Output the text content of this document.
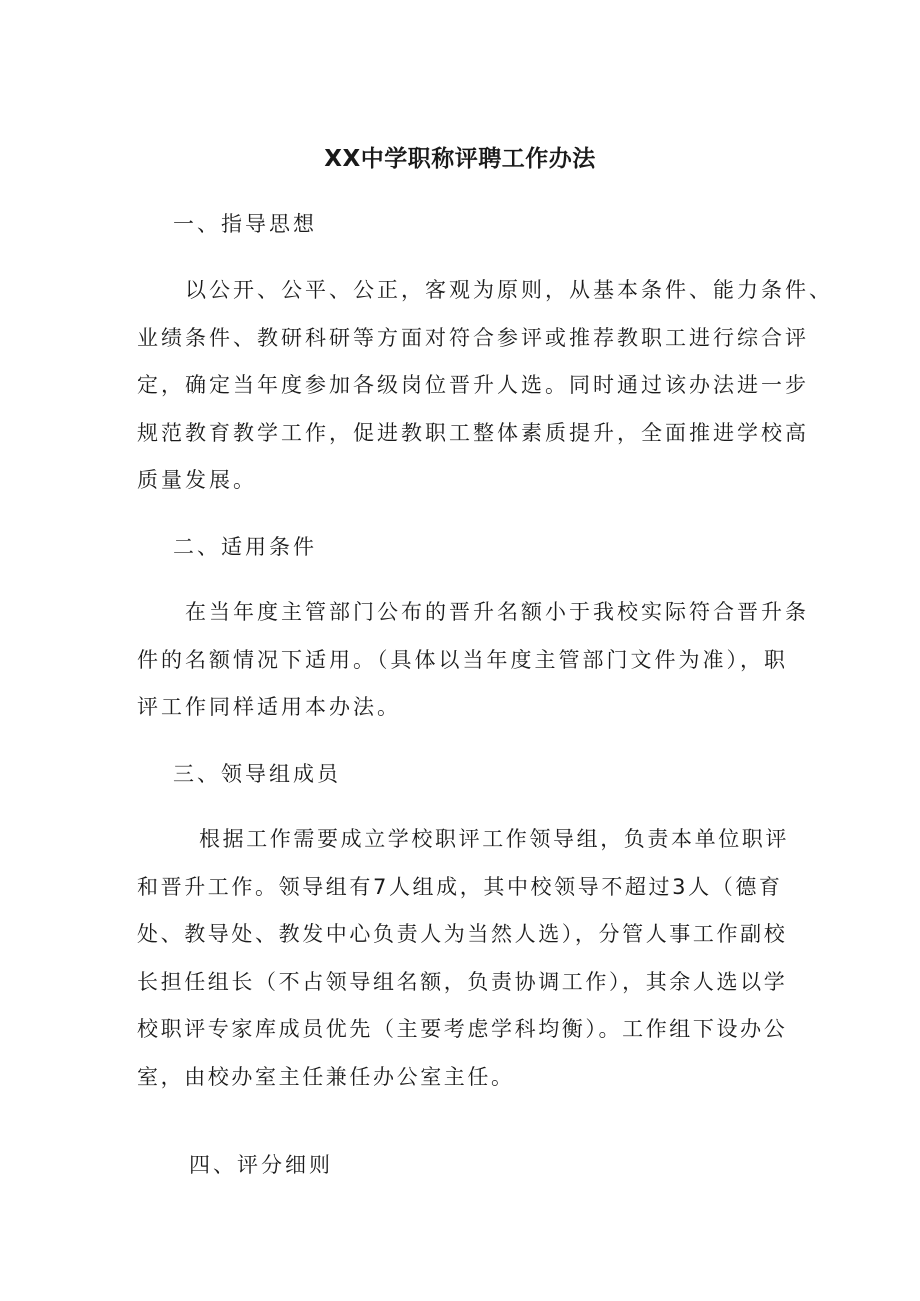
XX中学职称评聘工作办法
一、指导思想
以公开、公平、公正，客观为原则，从基本条件、能力条件、
业绩条件、教研科研等方面对符合参评或推荐教职工进行综合评
定，确定当年度参加各级岗位晋升人选。同时通过该办法进一步
规范教育教学工作，促进教职工整体素质提升，全面推进学校高
质量发展。
二、适用条件
在当年度主管部门公布的晋升名额小于我校实际符合晋升条
件的名额情况下适用。（具体以当年度主管部门文件为准），职
评工作同样适用本办法。
三、领导组成员
根据工作需要成立学校职评工作领导组，负责本单位职评
和晋升工作。领导组有7人组成，其中校领导不超过3人（德育
处、教导处、教发中心负责人为当然人选），分管人事工作副校
长担任组长（不占领导组名额，负责协调工作），其余人选以学
校职评专家库成员优先（主要考虑学科均衡）。工作组下设办公
室，由校办室主任兼任办公室主任。
四、评分细则
